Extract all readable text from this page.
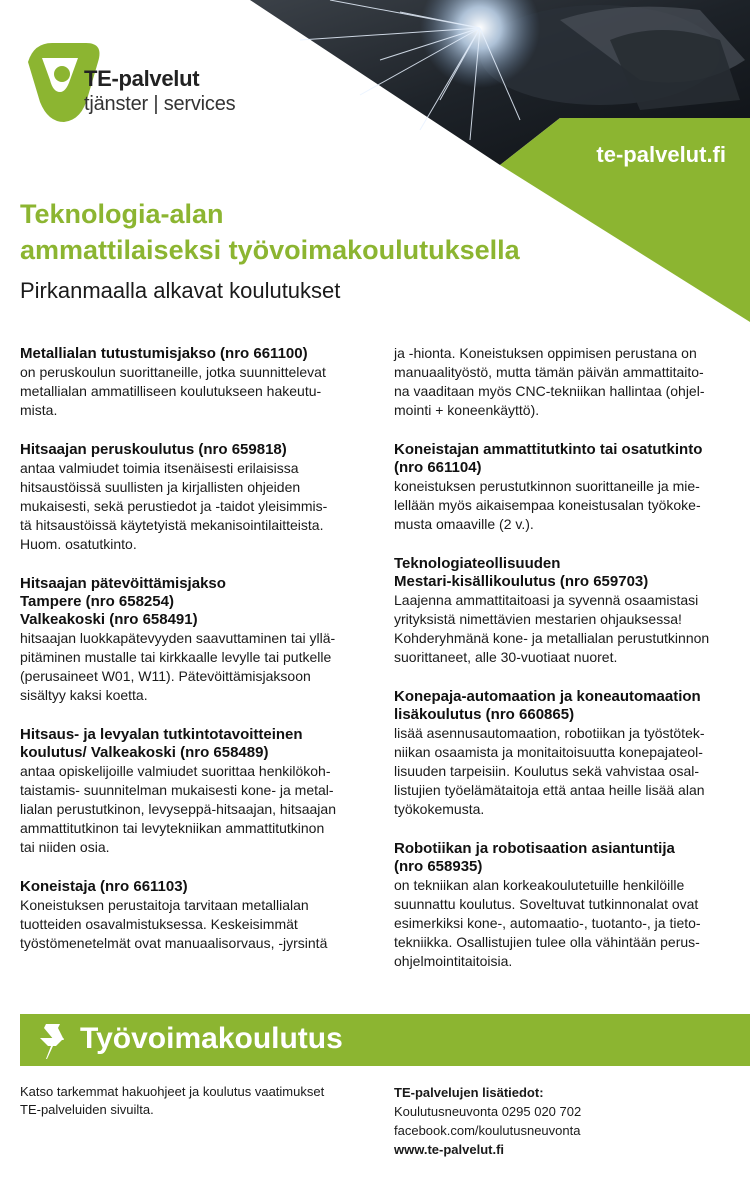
TE-palvelut
tjänster | services
te-palvelut.fi
Teknologia-alan
ammattilaiseksi työvoimakoulutuksella
Pirkanmaalla alkavat koulutukset
Metallialan tutustumisjakso (nro 661100)

on peruskoulun suorittaneille, jotka suunnittelevat
metallialan ammatilliseen koulutukseen hakeutu-
mista.

Hitsaajan peruskoulutus (nro 659818)

antaa valmiudet toimia itsenäisesti erilaisissa
hitsaustöissä suullisten ja kirjallisten ohjeiden
mukaisesti, sekä perustiedot ja -taidot yleisimmis-
tä hitsaustöissä käytetyistä mekanisointilaitteista.
Huom. osatutkinto.

Hitsaajan pätevöittämisjakso
Tampere (nro 658254)
Valkeakoski (nro 658491)

hitsaajan luokkapätevyyden saavuttaminen tai yllä-
pitäminen mustalle tai kirkkaalle levylle tai putkelle
(perusaineet W01, W11). Pätevöittämisjaksoon
sisältyy kaksi koetta.

Hitsaus- ja levyalan tutkintotavoitteinen
koulutus/ Valkeakoski (nro 658489)

antaa opiskelijoille valmiudet suorittaa henkilökoh-
taistamis- suunnitelman mukaisesti kone- ja metal-
lialan perustutkinon, levyseppä-hitsaajan, hitsaajan
ammattitutkinon tai levytekniikan ammattitutkinon
tai niiden osia.

Koneistaja (nro 661103)

Koneistuksen perustaitoja tarvitaan metallialan
tuotteiden osavalmistuksessa. Keskeisimmät
työstömenetelmät ovat manuaalisorvaus, -jyrsintä

ja -hionta. Koneistuksen oppimisen perustana on
manuaalityöstö, mutta tämän päivän ammattitaito-
na vaaditaan myös CNC-tekniikan hallintaa (ohjel-
mointi + koneenkäyttö).
Koneistajan ammattitutkinto tai osatutkinto
(nro 661104)

koneistuksen perustutkinnon suorittaneille ja mie-
lellään myös aikaisempaa koneistusalan työkoke-
musta omaaville (2 v.).

Teknologiateollisuuden
Mestari-kisällikoulutus (nro 659703)

Laajenna ammattitaitoasi ja syvennä osaamistasi
yrityksistä nimettävien mestarien ohjauksessa!
Kohderyhmänä kone- ja metallialan perustutkinnon
suorittaneet, alle 30-vuotiaat nuoret.

Konepaja-automaation ja koneautomaation
lisäkoulutus (nro 660865)

lisää asennusautomaation, robotiikan ja työstötek-
niikan osaamista ja monitaitoisuutta konepajateol-
lisuuden tarpeisiin. Koulutus sekä vahvistaa osal-
listujien työelämätaitoja että antaa heille lisää alan
työkokemusta.

Robotiikan ja robotisaation asiantuntija
(nro 658935)

on tekniikan alan korkeakoulutetuille henkilöille
suunnattu koulutus. Soveltuvat tutkinnonalat ovat
esimerkiksi kone-, automaatio-, tuotanto-, ja tieto-
tekniikka. Osallistujien tulee olla vähintään perus-
ohjelmointitaitoisia.

Työvoimakoulutus
Katso tarkemmat hakuohjeet ja koulutus vaatimukset
TE-palveluiden sivuilta.
TE-palvelujen lisätiedot:
Koulutusneuvonta 0295 020 702
facebook.com/koulutusneuvonta
www.te-palvelut.fi
